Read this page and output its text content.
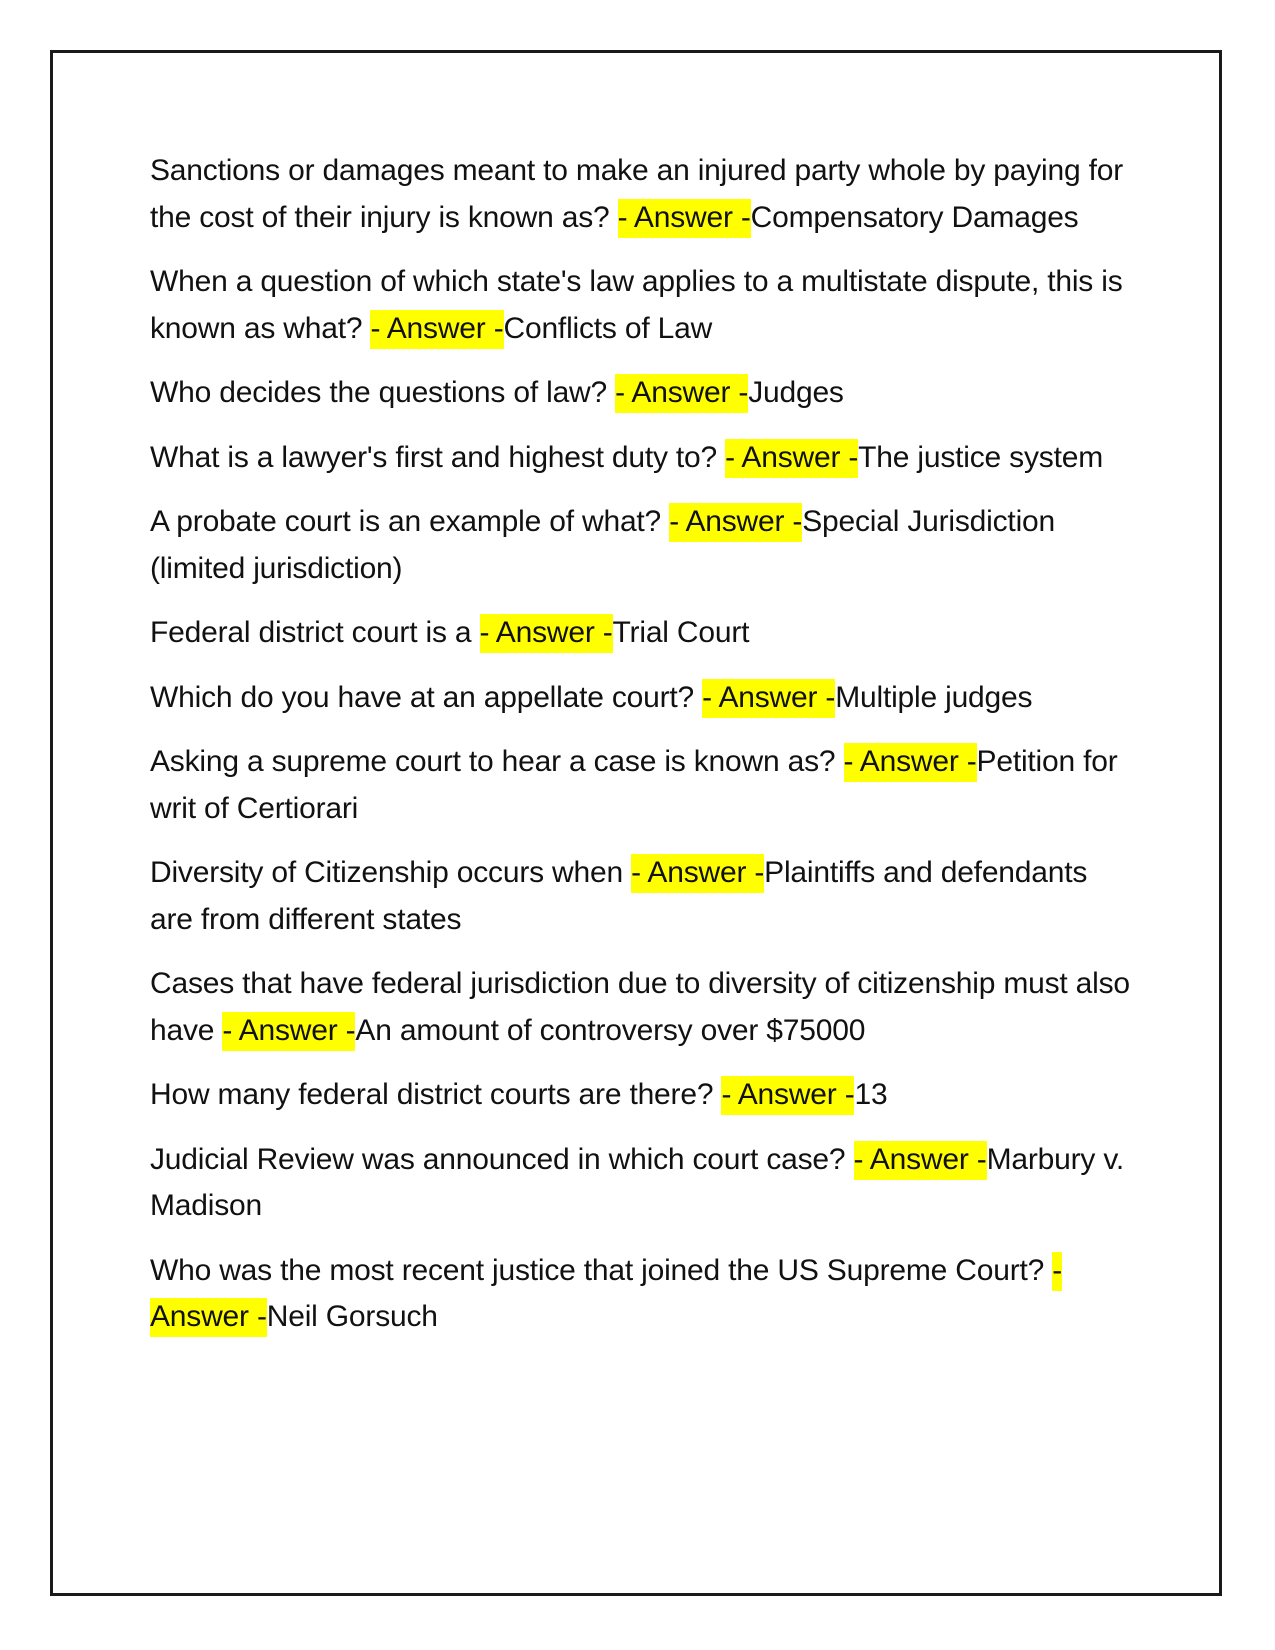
Sanctions or damages meant to make an injured party whole by paying for the cost of their injury is known as? - Answer -Compensatory Damages

When a question of which state's law applies to a multistate dispute, this is known as what? - Answer -Conflicts of Law

Who decides the questions of law? - Answer -Judges

What is a lawyer's first and highest duty to? - Answer -The justice system

A probate court is an example of what? - Answer -Special Jurisdiction (limited jurisdiction)

Federal district court is a - Answer -Trial Court

Which do you have at an appellate court? - Answer -Multiple judges

Asking a supreme court to hear a case is known as? - Answer -Petition for writ of Certiorari

Diversity of Citizenship occurs when - Answer -Plaintiffs and defendants are from different states

Cases that have federal jurisdiction due to diversity of citizenship must also have - Answer -An amount of controversy over $75000

How many federal district courts are there? - Answer -13

Judicial Review was announced in which court case? - Answer -Marbury v. Madison

Who was the most recent justice that joined the US Supreme Court? - Answer -Neil Gorsuch
